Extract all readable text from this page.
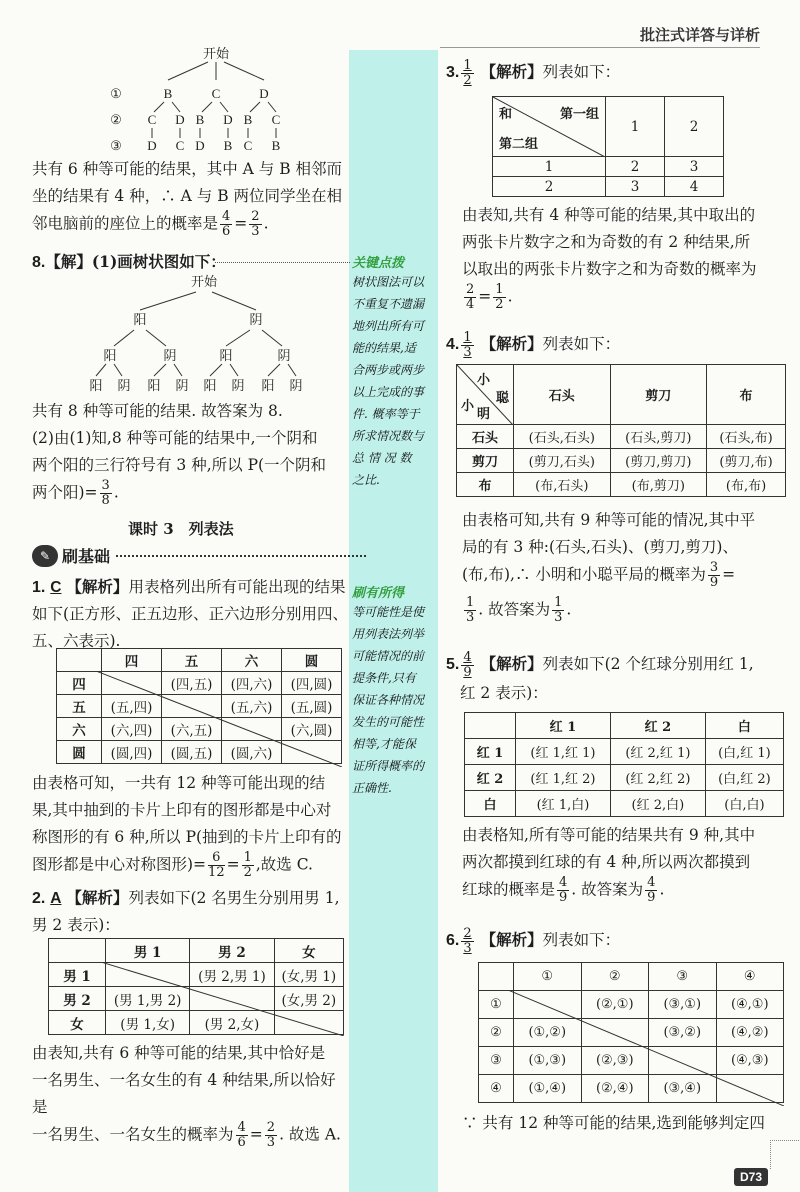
批注式详答与详析
开始
①
②
③
B	C	D
C D B D B C
D C D B C B
共有 6 种等可能的结果，其中 A 与 B 相邻而
坐的结果有 4 种，∴ A 与 B 两位同学坐在相
邻电脑前的座位上的概率是 $\frac{4}{6} = \frac{2}{3}$ .
8.【解】(1)画树状图如下：
开始
阳	阴
阳	阴	阳	阴
阳 阴 阳 阴 阳 阴 阳 阴
共有 8 种等可能的结果. 故答案为 8.
(2)由(1)知,8 种等可能的结果中,一个阴和
两个阳的三行符号有 3 种,所以 P(一个阴和
两个阳)= $\frac{3}{8}$ .
课时 3　列表法
✎ 刷基础
1. C 【解析】用表格列出所有可能出现的结果
如下(正方形、正五边形、正六边形分别用四、
五、六表示).
	四	五	六	圆
四		(四,五)	(四,六)	(四,圆)
五	(五,四)		(五,六)	(五,圆)
六	(六,四)	(六,五)		(六,圆)
圆	(圆,四)	(圆,五)	(圆,六)	
由表格可知，一共有 12 种等可能出现的结
果,其中抽到的卡片上印有的图形都是中心对
称图形的有 6 种,所以 P(抽到的卡片上印有的
图形都是中心对称图形)= $\frac{6}{12} = \frac{1}{2}$ ,故选 C.
2. A 【解析】列表如下(2 名男生分别用男 1,
男 2 表示)：
	男 1	男 2	女
男 1		(男 2,男 1)	(女,男 1)
男 2	(男 1,男 2)		(女,男 2)
女	(男 1,女)	(男 2,女)	
由表知,共有 6 种等可能的结果,其中恰好是
一名男生、一名女生的有 4 种结果,所以恰好是
一名男生、一名女生的概率为 $\frac{4}{6} = \frac{2}{3}$ . 故选 A.
关键点拨
树状图法可以
不重复不遗漏
地列出所有可
能的结果,适
合两步或两步
以上完成的事
件. 概率等于
所求情况数与
总 情 况 数
之比.
刷有所得
等可能性是使
用列表法列举
可能情况的前
提条件,只有
保证各种情况
发生的可能性
相等,才能保
证所得概率的
正确性.
3. $\frac{1}{2}$ 【解析】列表如下：
和 第一组
第二组	1	2
1	2	3
2	3	4
由表知,共有 4 种等可能的结果,其中取出的
两张卡片数字之和为奇数的有 2 种结果,所
以取出的两张卡片数字之和为奇数的概率为
$\frac{2}{4} = \frac{1}{2}$ .
4. $\frac{1}{3}$ 【解析】列表如下：
小
聪
小
明	石头	剪刀	布
石头	(石头,石头)	(石头,剪刀)	(石头,布)
剪刀	(剪刀,石头)	(剪刀,剪刀)	(剪刀,布)
布	(布,石头)	(布,剪刀)	(布,布)
由表格可知,共有 9 种等可能的情况,其中平
局的有 3 种:(石头,石头)、(剪刀,剪刀)、
(布,布),∴ 小明和小聪平局的概率为 $\frac{3}{9}$ =
$\frac{1}{3}$ . 故答案为 $\frac{1}{3}$ .
5. $\frac{4}{9}$ 【解析】列表如下(2 个红球分别用红 1,
红 2 表示)：
	红 1	红 2	白
红 1	(红 1,红 1)	(红 2,红 1)	(白,红 1)
红 2	(红 1,红 2)	(红 2,红 2)	(白,红 2)
白	(红 1,白)	(红 2,白)	(白,白)
由表格知,所有等可能的结果共有 9 种,其中
两次都摸到红球的有 4 种,所以两次都摸到
红球的概率是 $\frac{4}{9}$ . 故答案为 $\frac{4}{9}$ .
6. $\frac{2}{3}$ 【解析】列表如下：
	①	②	③	④
①		(②,①)	(③,①)	(④,①)
②	(①,②)		(③,②)	(④,②)
③	(①,③)	(②,③)		(④,③)
④	(①,④)	(②,④)	(③,④)	
∵ 共有 12 种等可能的结果,选到能够判定四
D73
